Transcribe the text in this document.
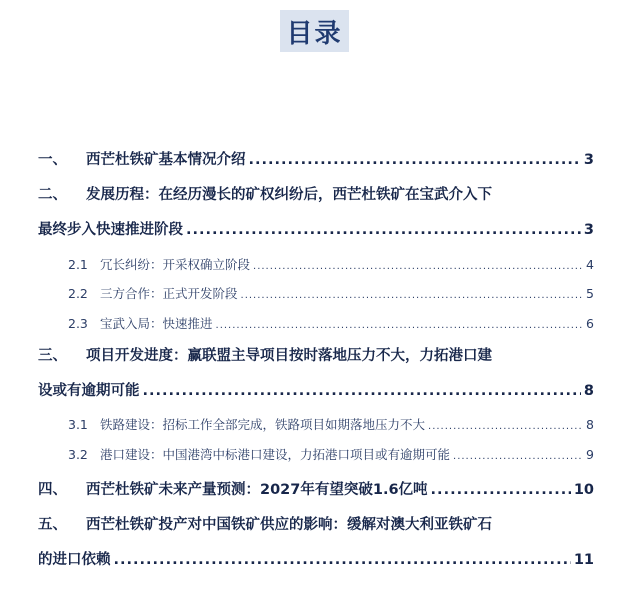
目录
一、	西芒杜铁矿基本情况介绍 .....	3
二、	发展历程：在经历漫长的矿权纠纷后，西芒杜铁矿在宝武介入下
最终步入快速推进阶段 .....	3
2.1 冗长纠纷：开采权确立阶段 .....	4
2.2 三方合作：正式开发阶段 .....	5
2.3 宝武入局：快速推进 .....	6
三、	项目开发进度：赢联盟主导项目按时落地压力不大，力拓港口建
设或有逾期可能 .....	8
3.1 铁路建设：招标工作全部完成，铁路项目如期落地压力不大 .....	8
3.2 港口建设：中国港湾中标港口建设，力拓港口项目或有逾期可能 .....	9
四、	西芒杜铁矿未来产量预测：2027年有望突破1.6亿吨 .....	10
五、	西芒杜铁矿投产对中国铁矿供应的影响：缓解对澳大利亚铁矿石
的进口依赖 .....	11
